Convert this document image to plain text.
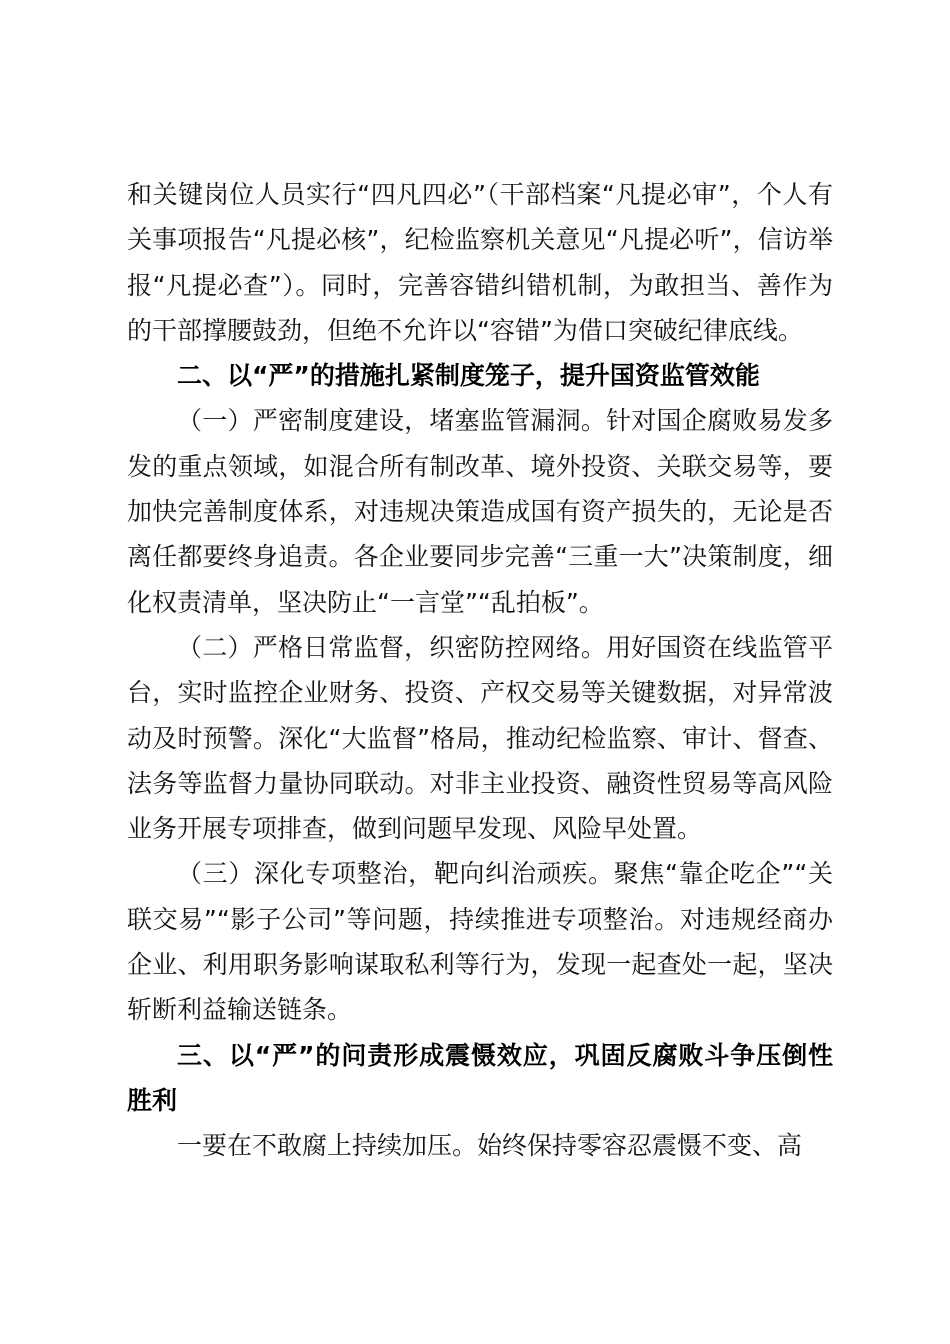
和关键岗位人员实行“四凡四必”（干部档案“凡提必审”，个人有关事项报告“凡提必核”，纪检监察机关意见“凡提必听”，信访举报“凡提必查”）。同时，完善容错纠错机制，为敢担当、善作为的干部撑腰鼓劲，但绝不允许以“容错”为借口突破纪律底线。

二、以“严”的措施扎紧制度笼子，提升国资监管效能

（一）严密制度建设，堵塞监管漏洞。针对国企腐败易发多发的重点领域，如混合所有制改革、境外投资、关联交易等，要加快完善制度体系，对违规决策造成国有资产损失的，无论是否离任都要终身追责。各企业要同步完善“三重一大”决策制度，细化权责清单，坚决防止“一言堂”“乱拍板”。

（二）严格日常监督，织密防控网络。用好国资在线监管平台，实时监控企业财务、投资、产权交易等关键数据，对异常波动及时预警。深化“大监督”格局，推动纪检监察、审计、督查、法务等监督力量协同联动。对非主业投资、融资性贸易等高风险业务开展专项排查，做到问题早发现、风险早处置。

（三）深化专项整治，靶向纠治顽疾。聚焦“靠企吃企”“关联交易”“影子公司”等问题，持续推进专项整治。对违规经商办企业、利用职务影响谋取私利等行为，发现一起查处一起，坚决斩断利益输送链条。

三、以“严”的问责形成震慑效应，巩固反腐败斗争压倒性胜利

一要在不敢腐上持续加压。始终保持零容忍震慑不变、高
